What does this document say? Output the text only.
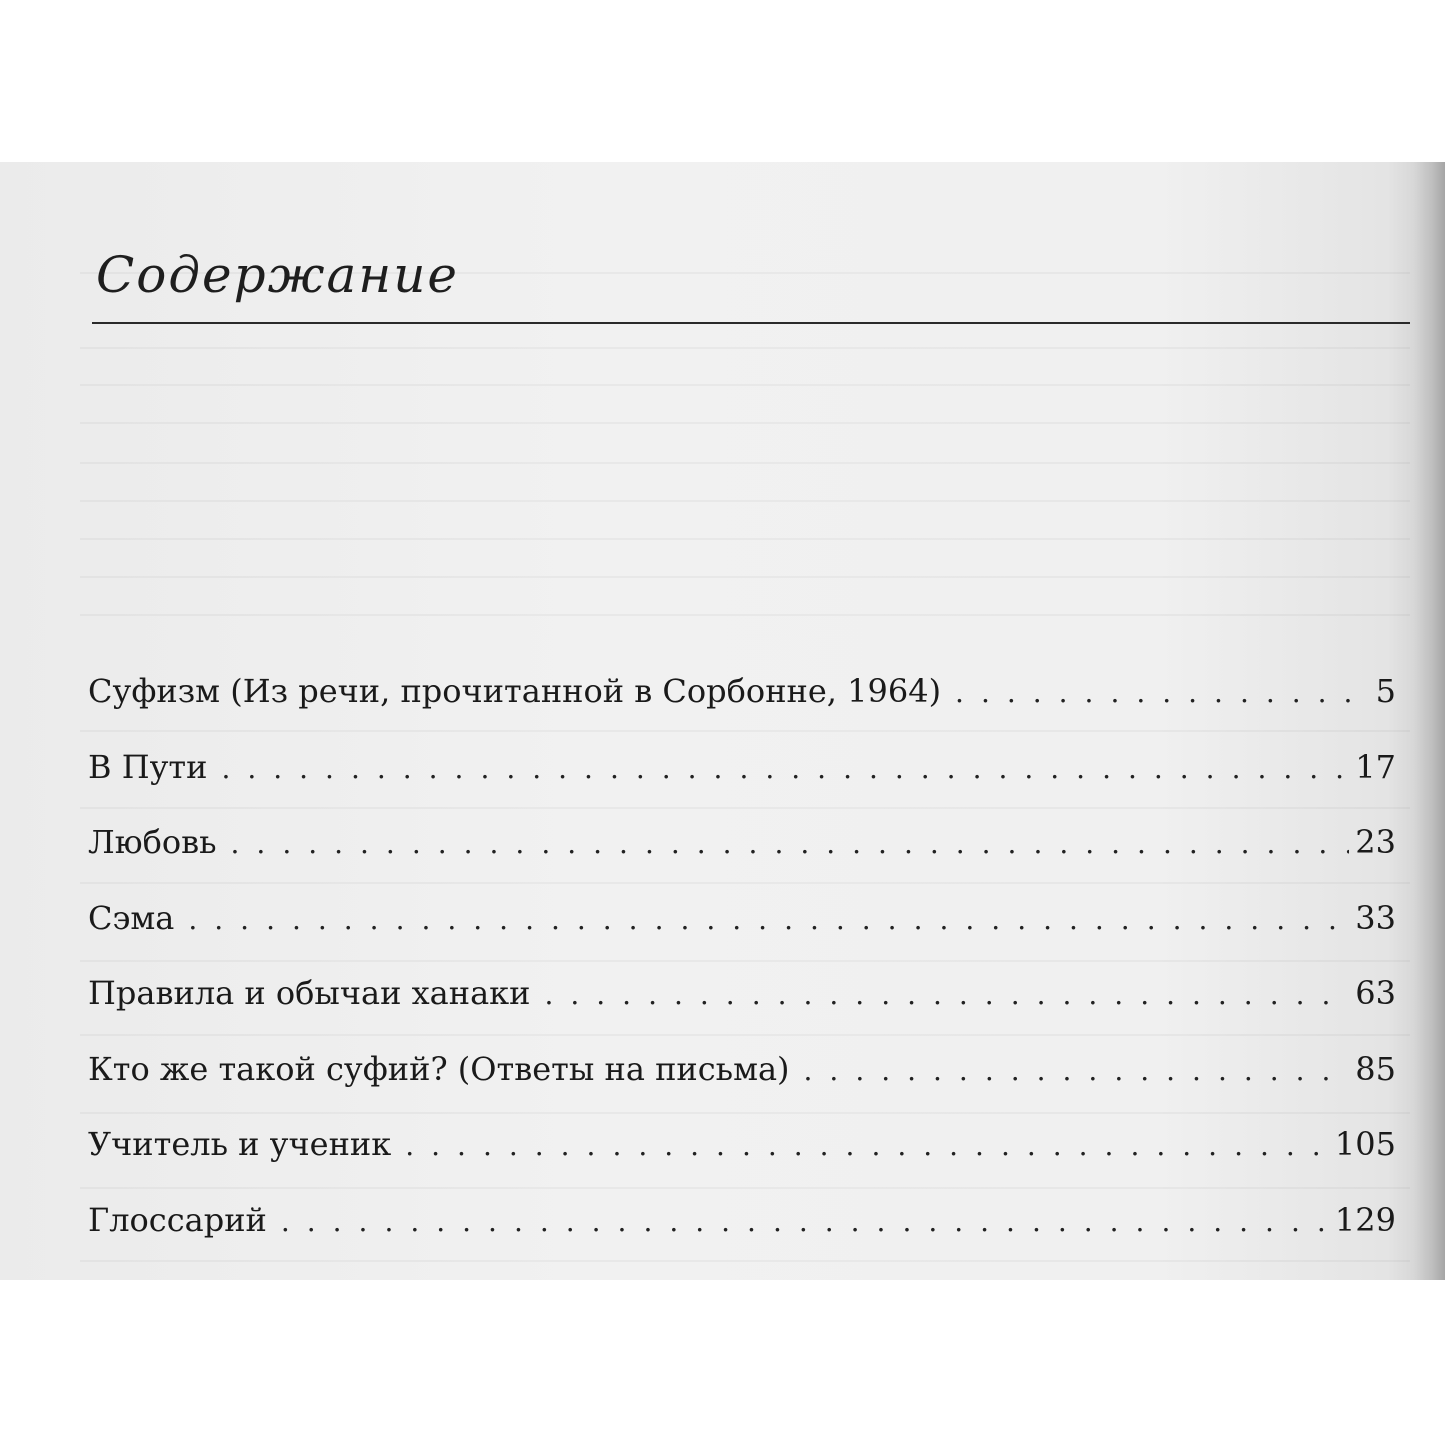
Содержание
Суфизм (Из речи, прочитанной в Сорбонне, 1964) .....	5
В Пути .....	17
Любовь .....	23
Сэма .....	33
Правила и обычаи ханаки .....	63
Кто же такой суфий? (Ответы на письма) .....	85
Учитель и ученик .....	105
Глоссарий .....	129
